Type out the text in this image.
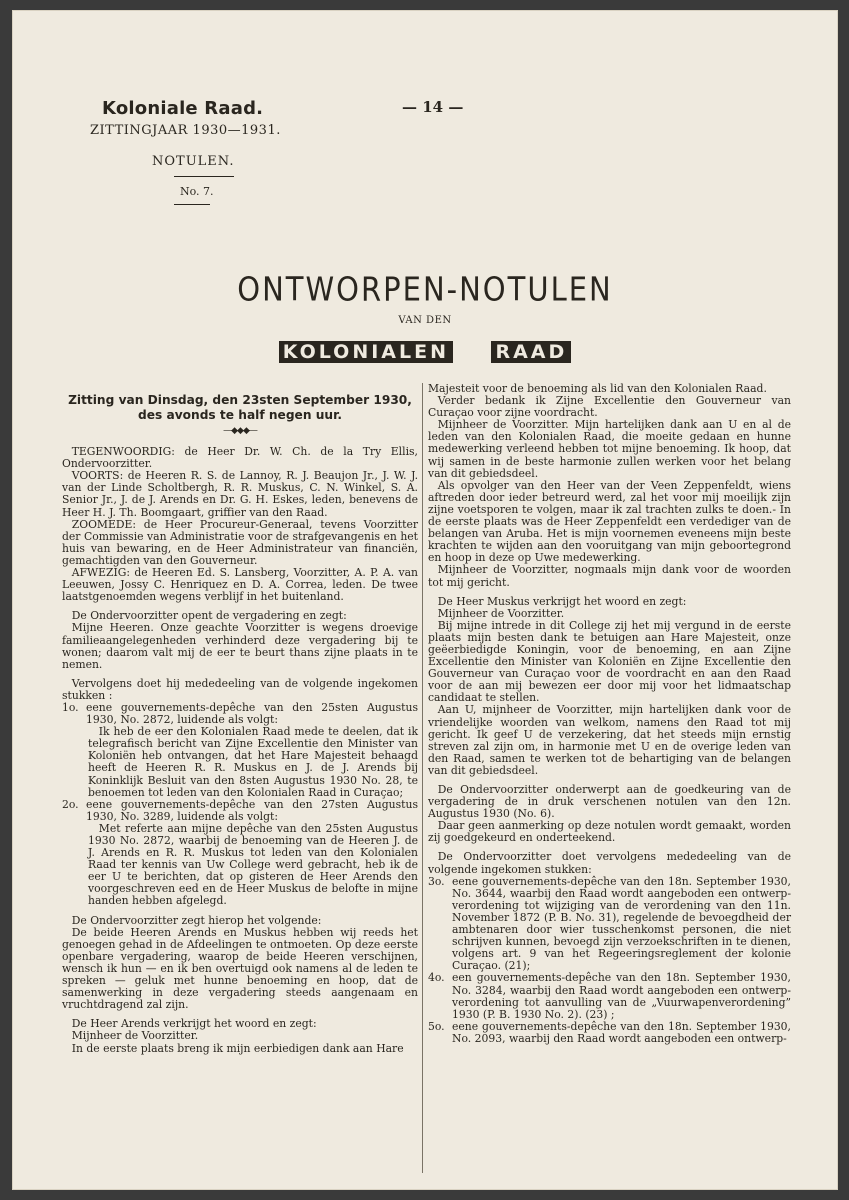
Koloniale Raad.
ZITTINGJAAR 1930—1931.
NOTULEN.
No. 7.
— 14 —
ONTWORPEN-NOTULEN
VAN DEN
KOLONIALEN RAAD
Zitting van Dinsdag, den 23sten September 1930,
des avonds te half negen uur.
—◆◆◆—

TEGENWOORDIG: de Heer Dr. W. Ch. de la Try Ellis, Ondervoorzitter.

VOORTS: de Heeren R. S. de Lannoy, R. J. Beaujon Jr., J. W. J. van der Linde Scholtbergh, R. R. Muskus, C. N. Winkel, S. A. Senior Jr., J. de J. Arends en Dr. G. H. Eskes, leden, benevens de Heer H. J. Th. Boomgaart, griffier van den Raad.

ZOOMEDE: de Heer Procureur-Generaal, tevens Voorzitter der Commissie van Administratie voor de strafgevangenis en het huis van bewaring, en de Heer Administrateur van financiën, gemachtigden van den Gouverneur.

AFWEZIG: de Heeren Ed. S. Lansberg, Voorzitter, A. P. A. van Leeuwen, Jossy C. Henriquez en D. A. Correa, leden. De twee laatstgenoemden wegens verblijf in het buitenland.

De Ondervoorzitter opent de vergadering en zegt:

Mijne Heeren. Onze geachte Voorzitter is wegens droevige familieaangelegenheden verhinderd deze vergadering bij te wonen; daarom valt mij de eer te beurt thans zijne plaats in te nemen.

Vervolgens doet hij mededeeling van de volgende ingekomen stukken :

1o. eene gouvernements-depêche van den 25sten Augustus 1930, No. 2872, luidende als volgt:

Ik heb de eer den Kolonialen Raad mede te deelen, dat ik telegrafisch bericht van Zijne Excellentie den Minister van Koloniën heb ontvangen, dat het Hare Majesteit behaagd heeft de Heeren R. R. Muskus en J. de J. Arends bij Koninklijk Besluit van den 8sten Augustus 1930 No. 28, te benoemen tot leden van den Kolonialen Raad in Curaçao;

2o. eene gouvernements-depêche van den 27sten Augustus 1930, No. 3289, luidende als volgt:

Met referte aan mijne depêche van den 25sten Augustus 1930 No. 2872, waarbij de benoeming van de Heeren J. de J. Arends en R. R. Muskus tot leden van den Kolonialen Raad ter kennis van Uw College werd gebracht, heb ik de eer U te berichten, dat op gisteren de Heer Arends den voorgeschreven eed en de Heer Muskus de belofte in mijne handen hebben afgelegd.

De Ondervoorzitter zegt hierop het volgende:

De beide Heeren Arends en Muskus hebben wij reeds het genoegen gehad in de Afdeelingen te ontmoeten. Op deze eerste openbare vergadering, waarop de beide Heeren verschijnen, wensch ik hun — en ik ben overtuigd ook namens al de leden te spreken — geluk met hunne benoeming en hoop, dat de samenwerking in deze vergadering steeds aangenaam en vruchtdragend zal zijn.

De Heer Arends verkrijgt het woord en zegt:

Mijnheer de Voorzitter.

In de eerste plaats breng ik mijn eerbiedigen dank aan Hare

Majesteit voor de benoeming als lid van den Kolonialen Raad.

Verder bedank ik Zijne Excellentie den Gouverneur van Curaçao voor zijne voordracht.

Mijnheer de Voorzitter. Mijn hartelijken dank aan U en al de leden van den Kolonialen Raad, die moeite gedaan en hunne medewerking verleend hebben tot mijne benoeming. Ik hoop, dat wij samen in de beste harmonie zullen werken voor het belang van dit gebiedsdeel.

Als opvolger van den Heer van der Veen Zeppenfeldt, wiens aftreden door ieder betreurd werd, zal het voor mij moeilijk zijn zijne voetsporen te volgen, maar ik zal trachten zulks te doen.- In de eerste plaats was de Heer Zeppenfeldt een verdediger van de belangen van Aruba. Het is mijn voornemen eveneens mijn beste krachten te wijden aan den vooruitgang van mijn geboortegrond en hoop in deze op Uwe medewerking.

Mijnheer de Voorzitter, nogmaals mijn dank voor de woorden tot mij gericht.

De Heer Muskus verkrijgt het woord en zegt:

Mijnheer de Voorzitter.

Bij mijne intrede in dit College zij het mij vergund in de eerste plaats mijn besten dank te betuigen aan Hare Majesteit, onze geëerbiedigde Koningin, voor de benoeming, en aan Zijne Excellentie den Minister van Koloniën en Zijne Excellentie den Gouverneur van Curaçao voor de voordracht en aan den Raad voor de aan mij bewezen eer door mij voor het lidmaatschap candidaat te stellen.

Aan U, mijnheer de Voorzitter, mijn hartelijken dank voor de vriendelijke woorden van welkom, namens den Raad tot mij gericht. Ik geef U de verzekering, dat het steeds mijn ernstig streven zal zijn om, in harmonie met U en de overige leden van den Raad, samen te werken tot de behartiging van de belangen van dit gebiedsdeel.

De Ondervoorzitter onderwerpt aan de goedkeuring van de vergadering de in druk verschenen notulen van den 12n. Augustus 1930 (No. 6).

Daar geen aanmerking op deze notulen wordt gemaakt, worden zij goedgekeurd en onderteekend.

De Ondervoorzitter doet vervolgens mededeeling van de volgende ingekomen stukken:

3o. eene gouvernements-depêche van den 18n. September 1930, No. 3644, waarbij den Raad wordt aangeboden een ontwerp-verordening tot wijziging van de verordening van den 11n. November 1872 (P. B. No. 31), regelende de bevoegdheid der ambtenaren door wier tusschenkomst personen, die niet schrijven kunnen, bevoegd zijn verzoekschriften in te dienen, volgens art. 9 van het Regeeringsreglement der kolonie Curaçao. (21);
4o. een gouvernements-depêche van den 18n. September 1930, No. 3284, waarbij den Raad wordt aangeboden een ontwerp-verordening tot aanvulling van de „Vuurwapenverordening” 1930 (P. B. 1930 No. 2). (23) ;
5o. eene gouvernements-depêche van den 18n. September 1930, No. 2093, waarbij den Raad wordt aangeboden een ontwerp-
